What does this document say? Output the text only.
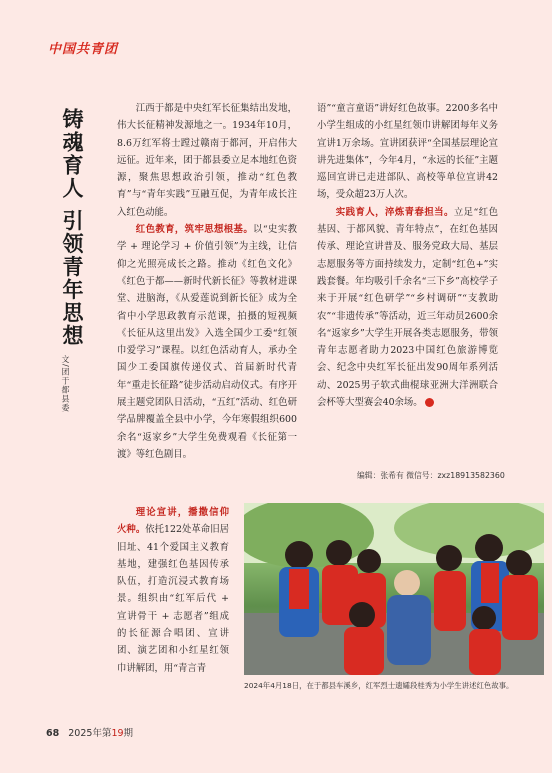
中国共青团
铸魂育人 引领青年思想
文/团于都县委

江西于都是中央红军长征集结出发地，伟大长征精神发源地之一。1934年10月，8.6万红军将士蹚过赣南于都河，开启伟大远征。近年来，团于都县委立足本地红色资源，聚焦思想政治引领，推动“红色教育”与“青年实践”互融互促，为青年成长注入红色动能。

红色教育，筑牢思想根基。以“史实教学 + 理论学习 + 价值引领”为主线，让信仰之光照亮成长之路。推动《红色文化》《红色于都——新时代新长征》等教材进课堂、进脑海，《从爱莲说到新长征》成为全省中小学思政教育示范课，拍摄的短视频《长征从这里出发》入选全国少工委“红领巾爱学习”课程。以红色活动育人，承办全国少工委国旗传递仪式、首届新时代青年“重走长征路”徒步活动启动仪式。有序开展主题党团队日活动，“五红”活动、红色研学品牌覆盖全县中小学，今年寒假组织600余名“返家乡”大学生免费观看《长征第一渡》等红色剧目。

理论宣讲，播撒信仰火种。依托122处革命旧居旧址、41个爱国主义教育基地，建强红色基因传承队伍，打造沉浸式教育场景。组织由“红军后代 + 宣讲骨干 + 志愿者”组成的长征源合唱团、宣讲团、演艺团和小红星红领巾讲解团，用“青言青

语”“童言童语”讲好红色故事。2200多名中小学生组成的小红星红领巾讲解团每年义务宣讲1万余场。宣讲团获评“全国基层理论宣讲先进集体”，今年4月，“永远的长征”主题巡回宣讲已走进部队、高校等单位宣讲42场，受众超23万人次。

实践育人，淬炼青春担当。立足“红色基因、于都风貌、青年特点”，在红色基因传承、理论宣讲普及、服务党政大局、基层志愿服务等方面持续发力，定制“红色+”实践套餐。年均吸引千余名“三下乡”高校学子来于开展“红色研学”“乡村调研”“支教助农”“非遗传承”等活动，近三年动员2600余名“返家乡”大学生开展各类志愿服务，带领青年志愿者助力2023中国红色旅游博览会、纪念中央红军长征出发90周年系列活动、2025男子软式曲棍球亚洲大洋洲联合会杯等大型赛会40余场。

编辑：张希有 微信号：zxz18913582360
2024年4月18日，在于都县车溪乡，红军烈士遗孀段桂秀为小学生讲述红色故事。
68 2025年第19期
